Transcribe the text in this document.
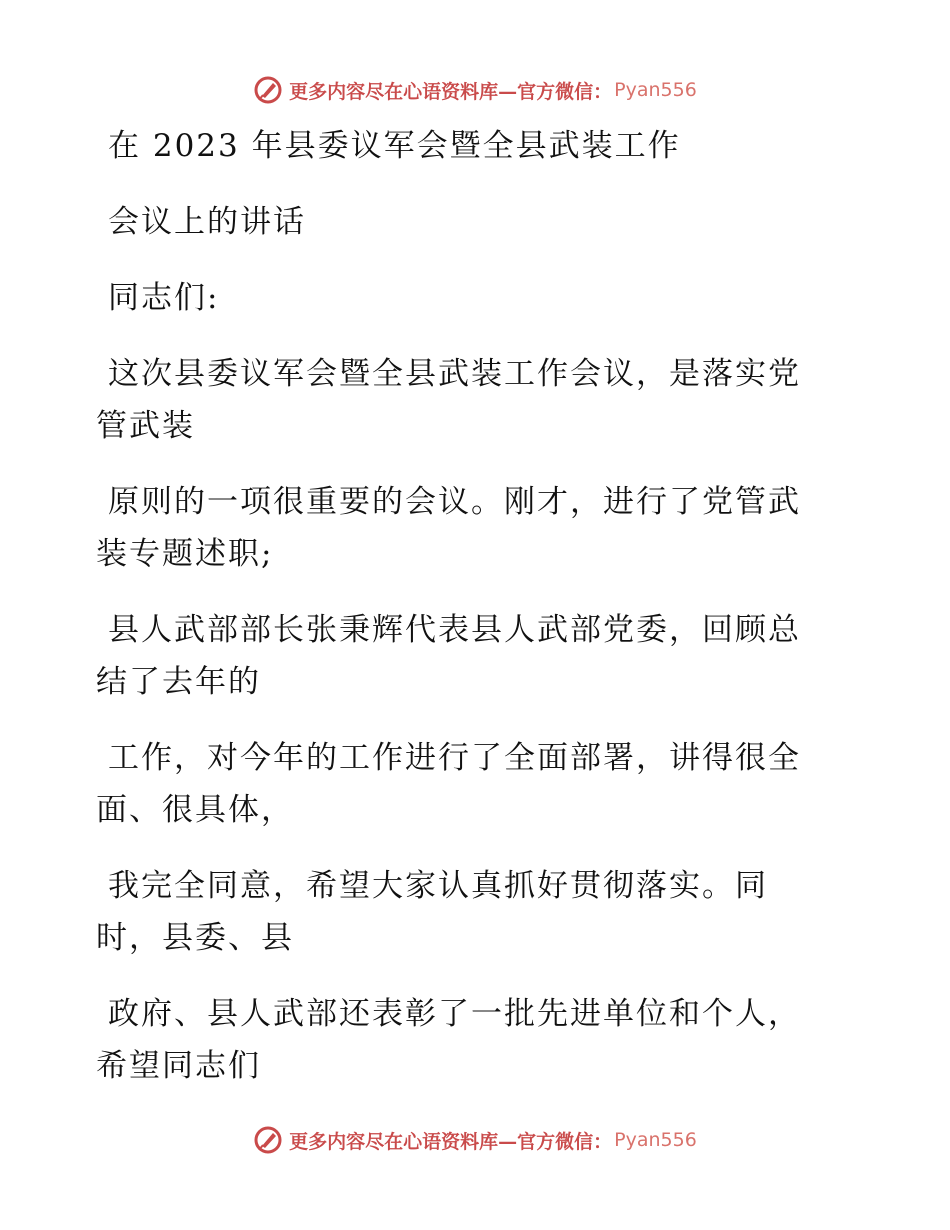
更多内容尽在心语资料库—官方微信： Pyan556
在 2023 年县委议军会暨全县武装工作
会议上的讲话
同志们:
这次县委议军会暨全县武装工作会议，是落实党
管武装
原则的一项很重要的会议。刚才，进行了党管武
装专题述职;
县人武部部长张秉辉代表县人武部党委，回顾总
结了去年的
工作，对今年的工作进行了全面部署，讲得很全
面、很具体，
我完全同意，希望大家认真抓好贯彻落实。同
时，县委、县
政府、县人武部还表彰了一批先进单位和个人，
希望同志们
更多内容尽在心语资料库—官方微信： Pyan556
